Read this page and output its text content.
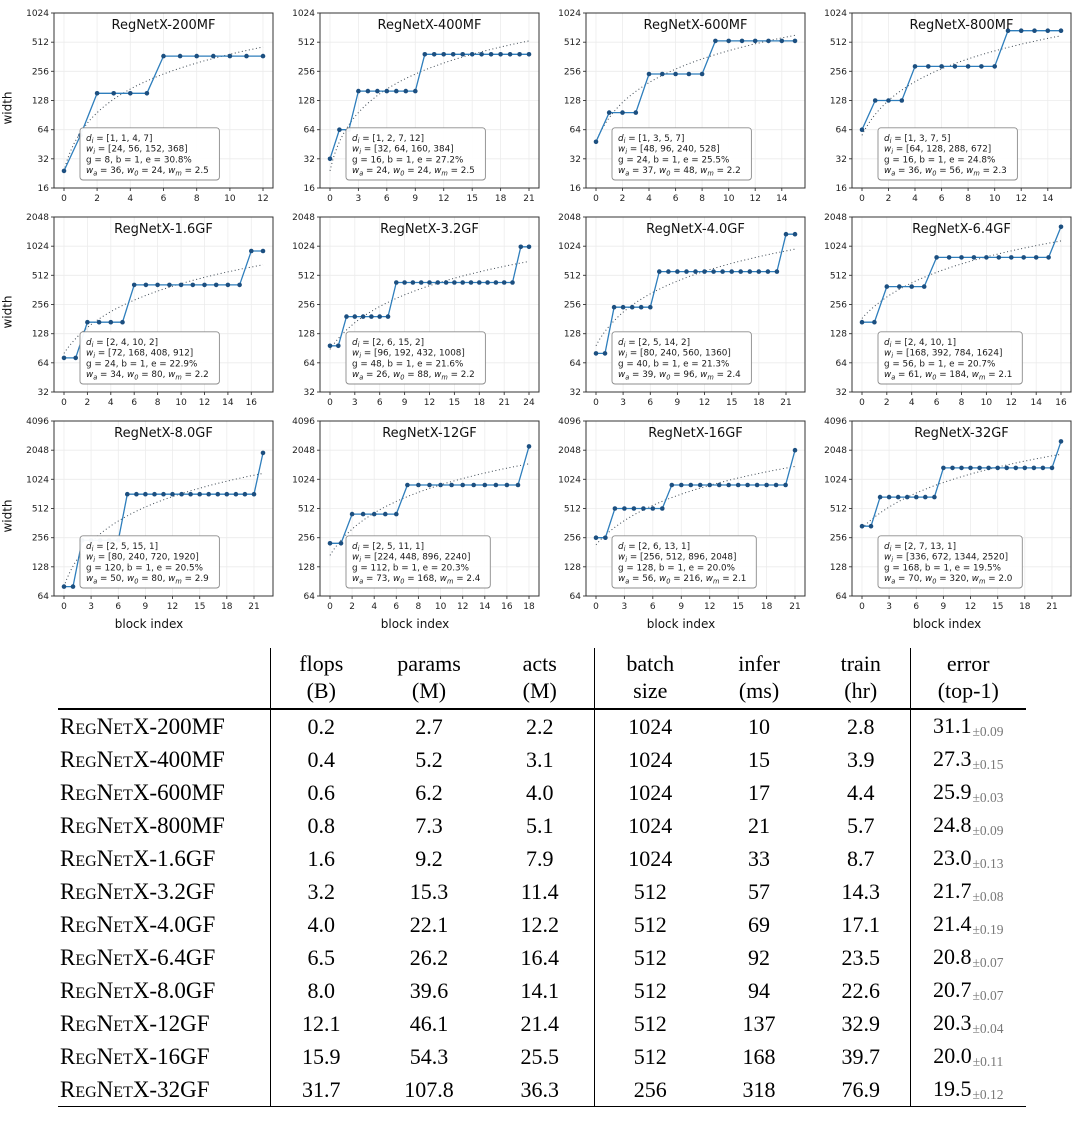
width
16
32
64
128
256
512
1024
0	2	4	6	8	10 12
RegNetX-200MF
$d_i = [1$, 1, 4, 7]
$w_i = [24$, 56, 152, 368]
g = 8, b = 1, e = 30.8%
$w_a = 36$, $w_0 = 24$, $w_m = 2.5$
16
32
64
128
256
512
1024
0	3	6	9 12 15 18 21
RegNetX-400MF
$d_i = [1$, 2, 7, 12]
$w_i = [32$, 64, 160, 384]
g = 16, b = 1, e = 27.2%
$w_a = 24$, $w_0 = 24$, $w_m = 2.5$
16
32
64
128
256
512
1024
0 2 4 6 8 10 12 14
RegNetX-600MF
$d_i = [1$, 3, 5, 7]
$w_i = [48$, 96, 240, 528]
g = 24, b = 1, e = 25.5%
$w_a = 37$, $w_0 = 48$, $w_m = 2.2$
16
32
64
128
256
512
1024
0 2 4 6 8 10 12 14
RegNetX-800MF
$d_i = [1$, 3, 7, 5]
$w_i = [64$, 128, 288, 672]
g = 16, b = 1, e = 24.8%
$w_a = 36$, $w_0 = 56$, $w_m = 2.3$
width
32
64
128
256
512
1024
2048
0 2 4 6 8 10 12 14 16
RegNetX-1.6GF
$d_i = [2$, 4, 10, 2]
$w_i = [72$, 168, 408, 912]
g = 24, b = 1, e = 22.9%
$w_a = 34$, $w_0 = 80$, $w_m = 2.2$
32
64
128
256
512
1024
2048
0 3 6 9 12 15 18 21 24
RegNetX-3.2GF
$d_i = [2$, 6, 15, 2]
$w_i = [96$, 192, 432, 1008]
g = 48, b = 1, e = 21.6%
$w_a = 26$, $w_0 = 88$, $w_m = 2.2$
32
64
128
256
512
1024
2048
0 3 6 9 12 15 18 21
RegNetX-4.0GF
$d_i = [2$, 5, 14, 2]
$w_i = [80$, 240, 560, 1360]
g = 40, b = 1, e = 21.3%
$w_a = 39$, $w_0 = 96$, $w_m = 2.4$
32
64
128
256
512
1024
2048
0 2 4 6 8 10 12 14 16
RegNetX-6.4GF
$d_i = [2$, 4, 10, 1]
$w_i = [168$, 392, 784, 1624]
g = 56, b = 1, e = 20.7%
$w_a = 61$, $w_0 = 184$, $w_m = 2.1$
width
64
128
256
512
1024
2048
4096
0 3 6 9 12 15 18 21
RegNetX-8.0GF
$d_i = [2$, 5, 15, 1]
$w_i = [80$, 240, 720, 1920]
g = 120, b = 1, e = 20.5%
$w_a = 50$, $w_0 = 80$, $w_m = 2.9$
block index
64
128
256
512
1024
2048
4096
0 2 4 6 8 10 12 14 16 18
RegNetX-12GF
$d_i = [2$, 5, 11, 1]
$w_i = [224$, 448, 896, 2240]
g = 112, b = 1, e = 20.3%
$w_a = 73$, $w_0 = 168$, $w_m = 2.4$
block index
64
128
256
512
1024
2048
4096
0	3	6	9 12 15 18 21
RegNetX-16GF
$d_i = [2$, 6, 13, 1]
$w_i = [256$, 512, 896, 2048]
g = 128, b = 1, e = 20.0%
$w_a = 56$, $w_0 = 216$, $w_m = 2.1$
block index
64
128
256
512
1024
2048
4096
0 3 6 9 12 15 18 21
RegNetX-32GF
$d_i = [2$, 7, 13, 1]
$w_i = [336$, 672, 1344, 2520]
g = 168, b = 1, e = 19.5%
$w_a = 70$, $w_0 = 320$, $w_m = 2.0$
block index

flops
(B)

params
(M)

acts
(M)

batch
size

infer
(ms)

train
(hr)

error
(top-1)

RegNetX-200MF	0.2	2.7	2.2	1024	10	2.8	31.1±0.09
RegNetX-400MF	0.4	5.2	3.1	1024	15	3.9	27.3±0.15
RegNetX-600MF	0.6	6.2	4.0	1024	17	4.4	25.9±0.03
RegNetX-800MF	0.8	7.3	5.1	1024	21	5.7	24.8±0.09
RegNetX-1.6GF	1.6	9.2	7.9	1024	33	8.7	23.0±0.13
RegNetX-3.2GF	3.2	15.3	11.4	512	57	14.3	21.7±0.08
RegNetX-4.0GF	4.0	22.1	12.2	512	69	17.1	21.4±0.19
RegNetX-6.4GF	6.5	26.2	16.4	512	92	23.5	20.8±0.07
RegNetX-8.0GF	8.0	39.6	14.1	512	94	22.6	20.7±0.07
RegNetX-12GF	12.1	46.1	21.4	512	137	32.9	20.3±0.04
RegNetX-16GF	15.9	54.3	25.5	512	168	39.7	20.0±0.11
RegNetX-32GF	31.7	107.8	36.3	256	318	76.9	19.5±0.12
